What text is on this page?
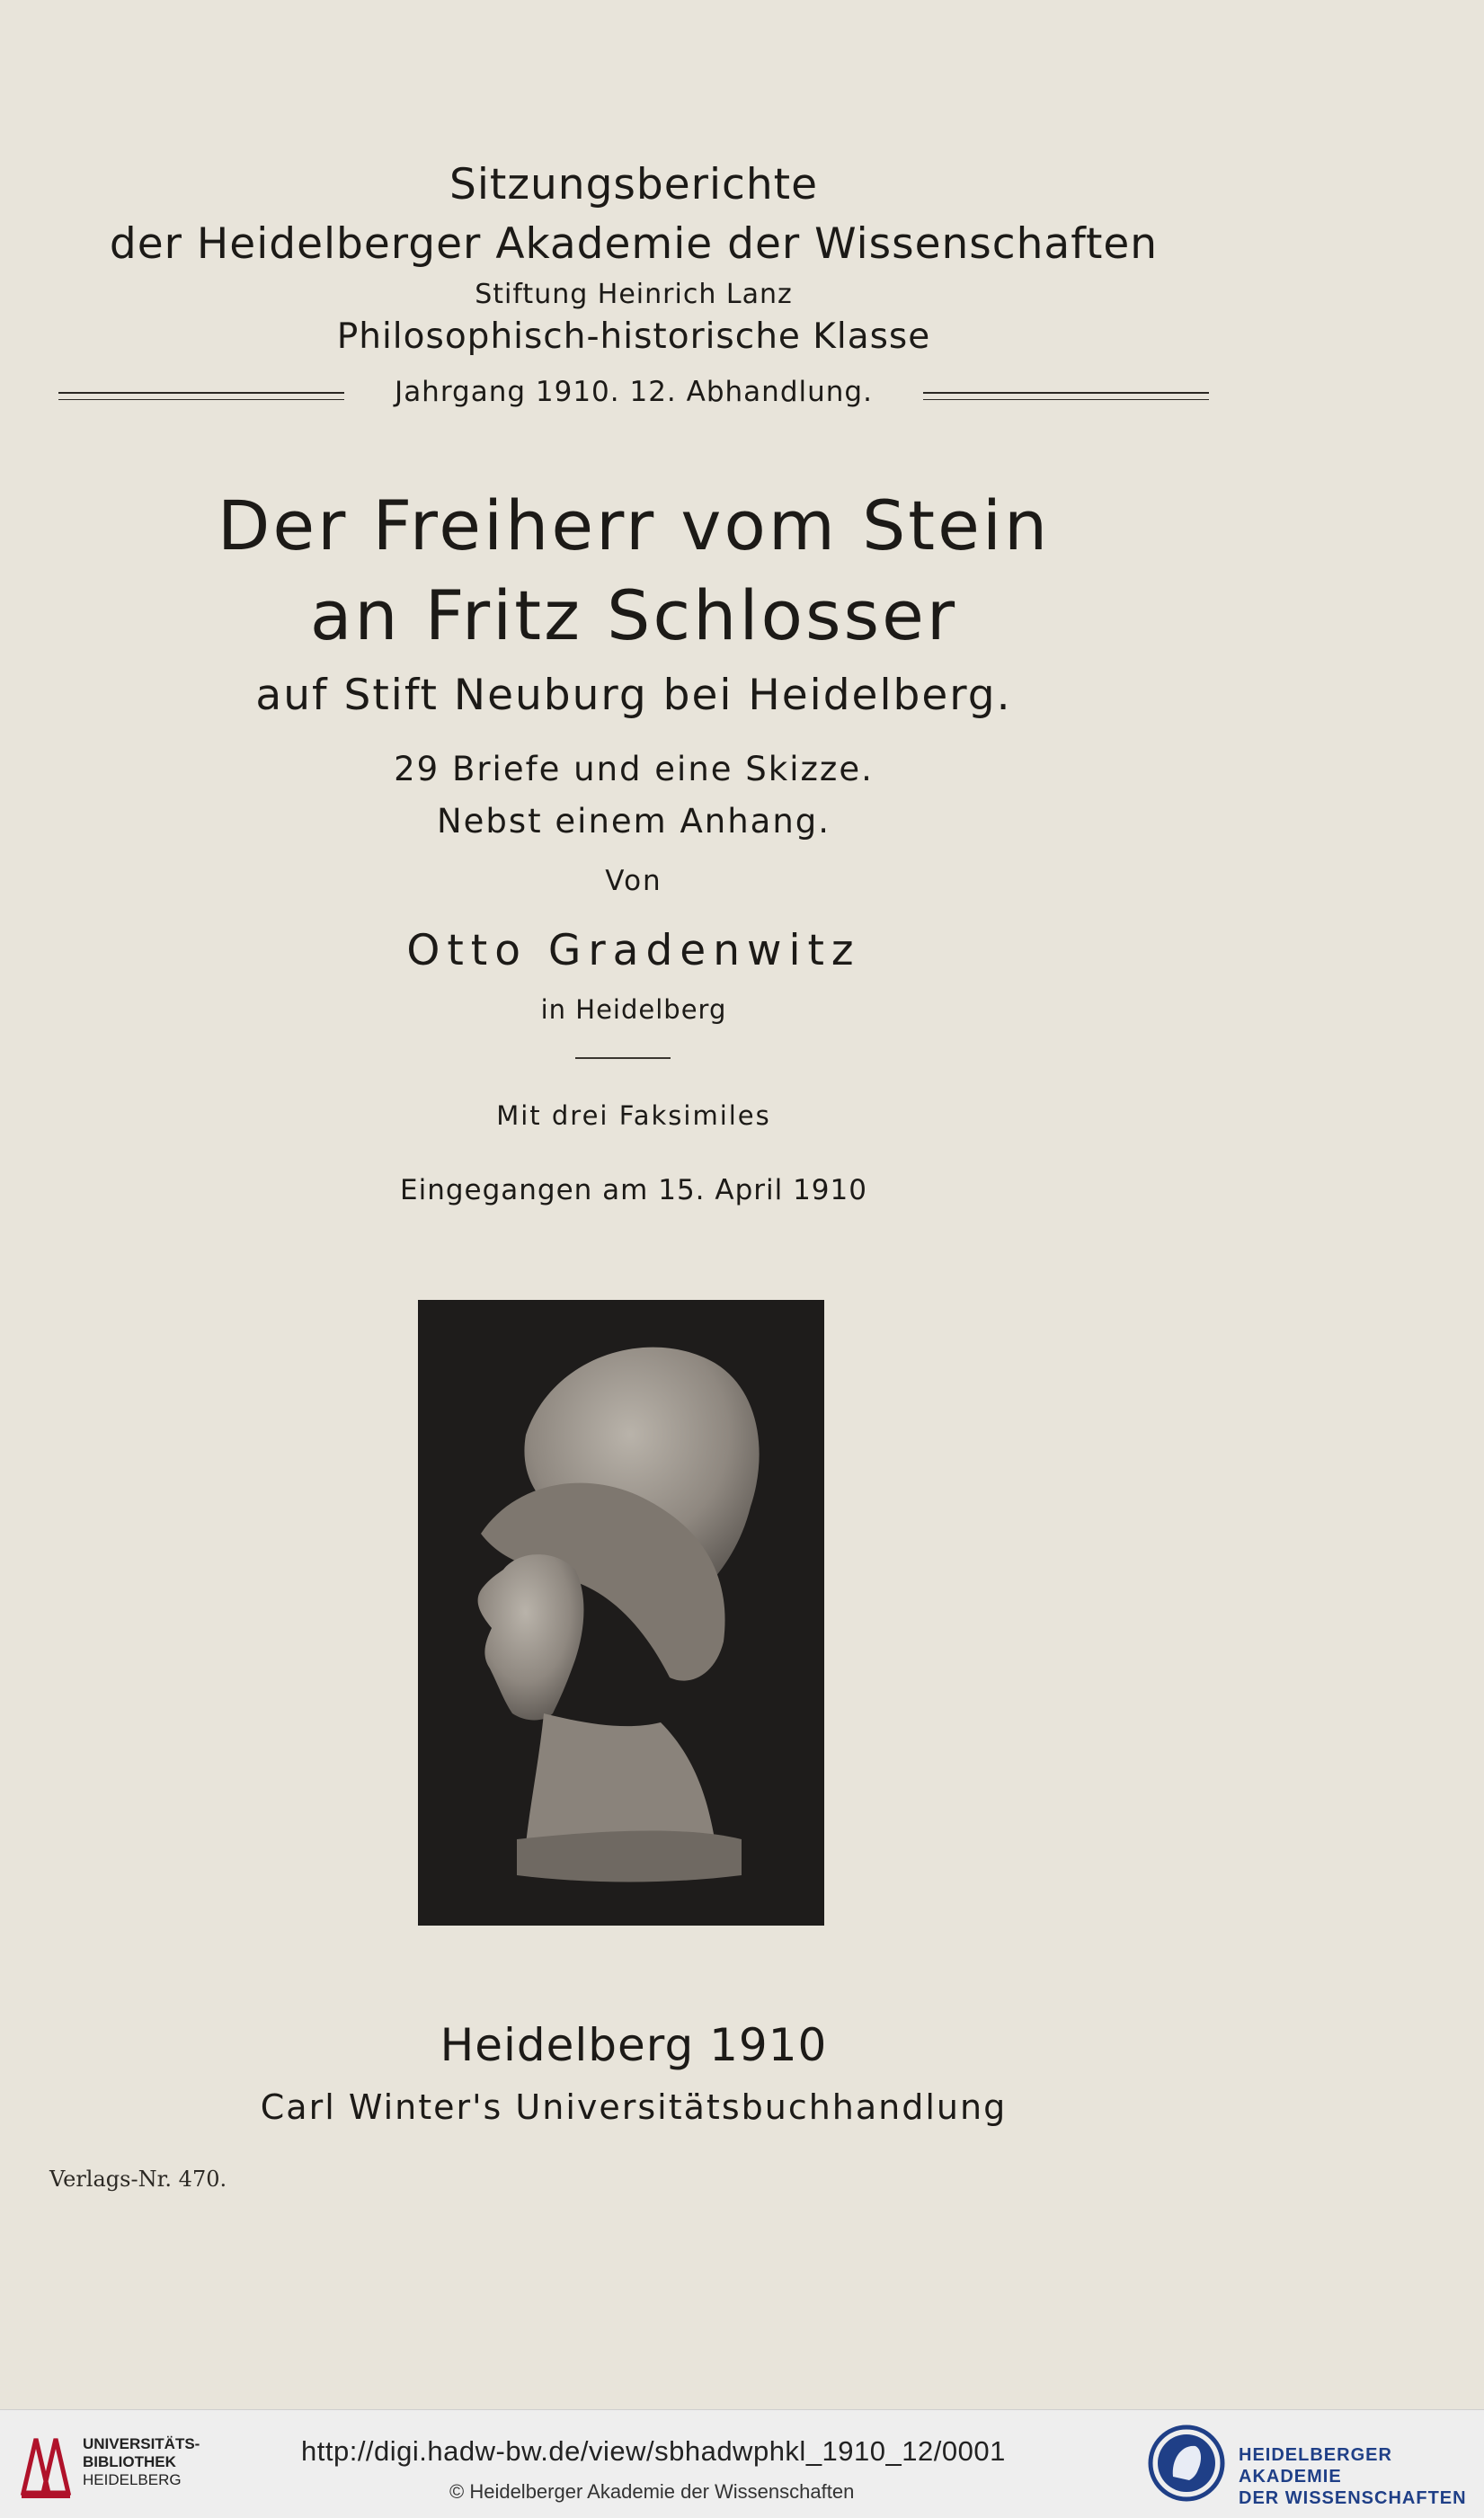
Sitzungsberichte
der Heidelberger Akademie der Wissenschaften
Stiftung Heinrich Lanz
Philosophisch-historische Klasse
Jahrgang 1910. 12. Abhandlung.
Der Freiherr vom Stein
an Fritz Schlosser
auf Stift Neuburg bei Heidelberg.
29 Briefe und eine Skizze.
Nebst einem Anhang.
Von
Otto Gradenwitz
in Heidelberg
Mit drei Faksimiles
Eingegangen am 15. April 1910
Heidelberg 1910
Carl Winter's Universitätsbuchhandlung
Verlags-Nr. 470.
UNIVERSITÄTS-
BIBLIOTHEK
HEIDELBERG
http://digi.hadw-bw.de/view/sbhadwphkl_1910_12/0001
© Heidelberger Akademie der Wissenschaften
HEIDELBERGER AKADEMIE
DER WISSENSCHAFTEN
